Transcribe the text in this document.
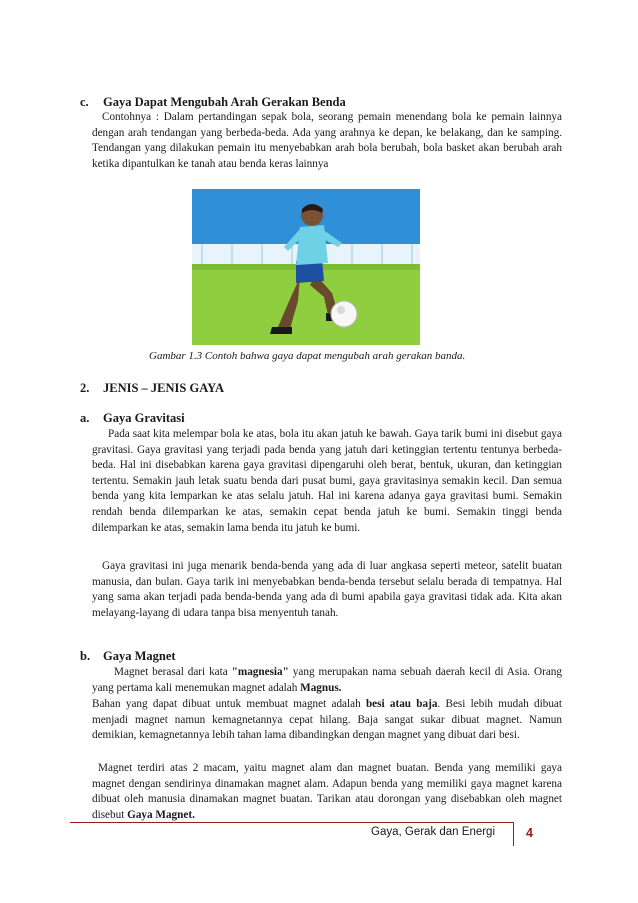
c. Gaya Dapat Mengubah Arah Gerakan Benda
Contohnya : Dalam pertandingan sepak bola, seorang pemain menendang bola ke pemain lainnya dengan arah tendangan yang berbeda-beda. Ada yang arahnya ke depan, ke belakang, dan ke samping. Tendangan yang dilakukan pemain itu menyebabkan arah bola berubah, bola basket akan berubah arah ketika dipantulkan ke tanah atau benda keras lainnya
Gambar 1.3 Contoh bahwa gaya dapat mengubah arah gerakan banda.
2. JENIS – JENIS GAYA
a. Gaya Gravitasi
Pada saat kita melempar bola ke atas, bola itu akan jatuh ke bawah. Gaya tarik bumi ini disebut gaya gravitasi. Gaya gravitasi yang terjadi pada benda yang jatuh dari ketinggian tertentu tentunya berbeda-beda. Hal ini disebabkan karena gaya gravitasi dipengaruhi oleh berat, bentuk, ukuran, dan ketinggian tertentu. Semakin jauh letak suatu benda dari pusat bumi, gaya gravitasinya semakin kecil. Dan semua benda yang kita lemparkan ke atas selalu jatuh. Hal ini karena adanya gaya gravitasi bumi. Semakin rendah benda dilemparkan ke atas, semakin cepat benda jatuh ke bumi. Semakin tinggi benda dilemparkan ke atas, semakin lama benda itu jatuh ke bumi.
Gaya gravitasi ini juga menarik benda-benda yang ada di luar angkasa seperti meteor, satelit buatan manusia, dan bulan. Gaya tarik ini menyebabkan benda-benda tersebut selalu berada di tempatnya. Hal yang sama akan terjadi pada benda-benda yang ada di bumi apabila gaya gravitasi tidak ada. Kita akan melayang-layang di udara tanpa bisa menyentuh tanah.
b. Gaya Magnet
Magnet berasal dari kata "magnesia" yang merupakan nama sebuah daerah kecil di Asia. Orang yang pertama kali menemukan magnet adalah Magnus.
Bahan yang dapat dibuat untuk membuat magnet adalah besi atau baja. Besi lebih mudah dibuat menjadi magnet namun kemagnetannya cepat hilang. Baja sangat sukar dibuat magnet. Namun demikian, kemagnetannya lebih tahan lama dibandingkan dengan magnet yang dibuat dari besi.
Magnet terdiri atas 2 macam, yaitu magnet alam dan magnet buatan. Benda yang memiliki gaya magnet dengan sendirinya dinamakan magnet alam. Adapun benda yang memiliki gaya magnet karena dibuat oleh manusia dinamakan magnet buatan. Tarikan atau dorongan yang disebabkan oleh magnet disebut Gaya Magnet.
Gaya, Gerak dan Energi 4
